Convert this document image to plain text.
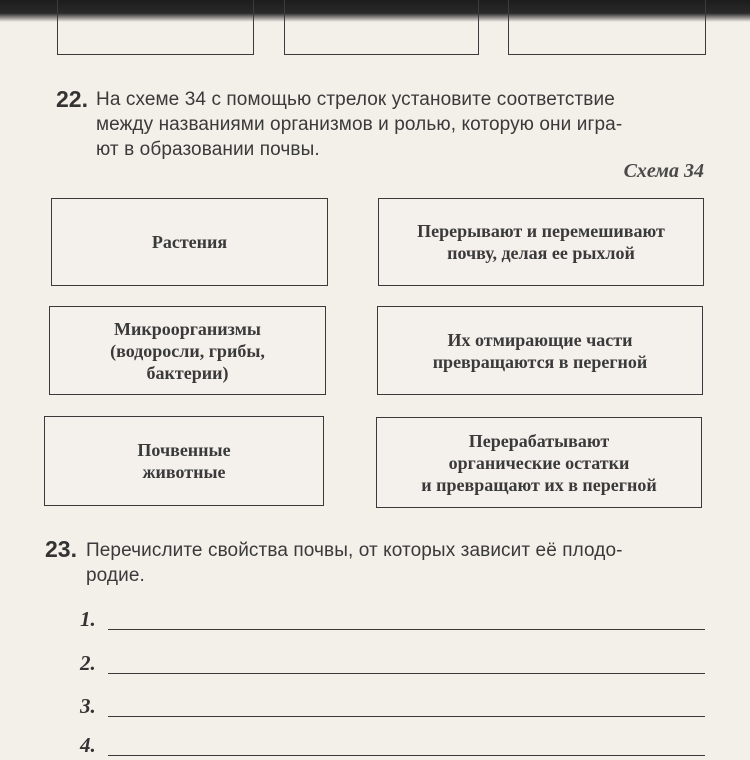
22. На схеме 34 с помощью стрелок установите соответствие
между названиями организмов и ролью, которую они игра-
ют в образовании почвы.
Схема 34
Растения
Микроорганизмы
(водоросли, грибы,
бактерии)
Почвенные
животные
Перерывают и перемешивают
почву, делая ее рыхлой
Их отмирающие части
превращаются в перегной
Перерабатывают
органические остатки
и превращают их в перегной
23. Перечислите свойства почвы, от которых зависит её плодо-
родие.
1.
2.
3.
4.
